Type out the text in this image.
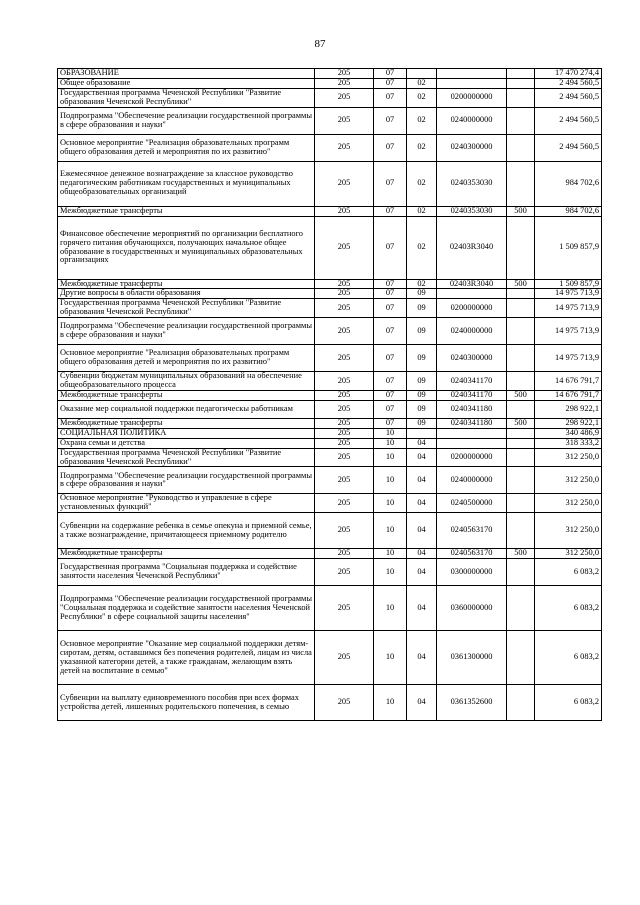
87
ОБРАЗОВАНИЕ	205	07				17 470 274,4
Общее образование	205	07	02			2 494 560,5
Государственная программа Чеченской Республики "Развитие образования Чеченской Республики"	205	07	02	0200000000		2 494 560,5
Подпрограмма "Обеспечение реализации государственной программы в сфере образования и науки"	205	07	02	0240000000		2 494 560,5
Основное мероприятие "Реализация образовательных программ общего образования детей и мероприятия по их развитию"	205	07	02	0240300000		2 494 560,5
Ежемесячное денежное вознаграждение за классное руководство педагогическим работникам государственных и муниципальных общеобразовательных организаций	205	07	02	0240353030		984 702,6
Межбюджетные трансферты	205	07	02	0240353030	500	984 702,6
Финансовое обеспечение мероприятий по организации бесплатного горячего питания обучающихся, получающих начальное общее образование в государственных и муниципальных образовательных организациях	205	07	02	02403R3040		1 509 857,9
Межбюджетные трансферты	205	07	02	02403R3040	500	1 509 857,9
Другие вопросы в области образования	205	07	09			14 975 713,9
Государственная программа Чеченской Республики "Развитие образования Чеченской Республики"	205	07	09	0200000000		14 975 713,9
Подпрограмма "Обеспечение реализации государственной программы в сфере образования и науки"	205	07	09	0240000000		14 975 713,9
Основное мероприятие "Реализация образовательных программ общего образования детей и мероприятия по их развитию"	205	07	09	0240300000		14 975 713,9
Субвенции бюджетам муниципальных образований на обеспечение общеобразовательного процесса	205	07	09	0240341170		14 676 791,7
Межбюджетные трансферты	205	07	09	0240341170	500	14 676 791,7
Оказание мер социальной поддержки педагогическы работникам	205	07	09	0240341180		298 922,1
Межбюджетные трансферты	205	07	09	0240341180	500	298 922,1
СОЦИАЛЬНАЯ ПОЛИТИКА	205	10				340 486,9
Охрана семьи и детства	205	10	04			318 333,2
Государственная программа Чеченской Республики "Развитие образования Чеченской Республики"	205	10	04	0200000000		312 250,0
Подпрограмма "Обеспечение реализации государственной программы в сфере образования и науки"	205	10	04	0240000000		312 250,0
Основное мероприятие "Руководство и управление в сфере установленных функций"	205	10	04	0240500000		312 250,0
Субвенции на содержание ребенка в семье опекуна и приемной семье, а также вознаграждение, причитающееся приемному родителю	205	10	04	0240563170		312 250,0
Межбюджетные трансферты	205	10	04	0240563170	500	312 250,0
Государственная программа "Социальная поддержка и содействие занятости населения Чеченской Республики"	205	10	04	0300000000		6 083,2
Подпрограмма "Обеспечение реализации государственной программы "Социальная поддержка и содействие занятости населения Чеченской Республики" в сфере социальной защиты населения"	205	10	04	0360000000		6 083,2
Основное мероприятие "Оказание мер социальной поддержки детям-сиротам, детям, оставшимся без попечения родителей, лицам из числа указанной категории детей, а также гражданам, желающим взять детей на воспитание в семью"	205	10	04	0361300000		6 083,2
Субвенции на выплату единовременного пособия при всех формах устройства детей, лишенных родительского попечения, в семью	205	10	04	0361352600		6 083,2
